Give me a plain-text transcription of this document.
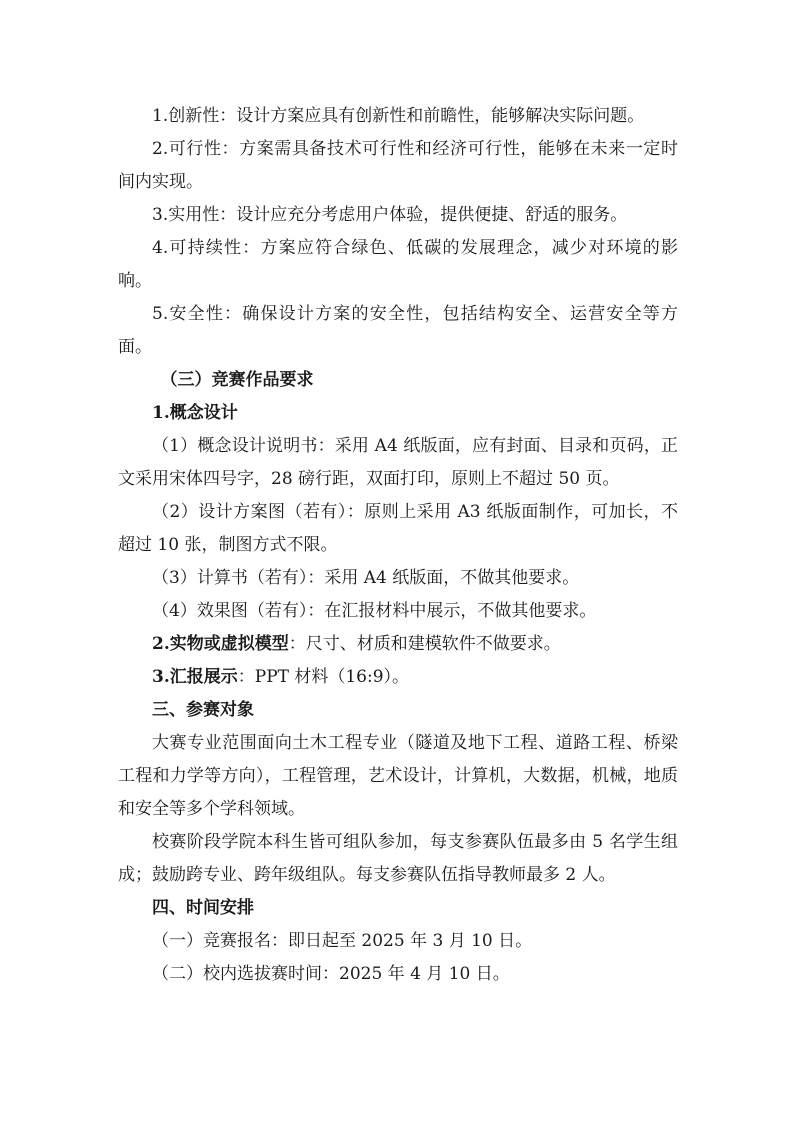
1.创新性：设计方案应具有创新性和前瞻性，能够解决实际问题。

2.可行性：方案需具备技术可行性和经济可行性，能够在未来一定时间内实现。

3.实用性：设计应充分考虑用户体验，提供便捷、舒适的服务。

4.可持续性：方案应符合绿色、低碳的发展理念，减少对环境的影响。

5.安全性：确保设计方案的安全性，包括结构安全、运营安全等方面。

（三）竞赛作品要求

1.概念设计

（1）概念设计说明书：采用 A4 纸版面，应有封面、目录和页码，正文采用宋体四号字，28 磅行距，双面打印，原则上不超过 50 页。

（2）设计方案图（若有）：原则上采用 A3 纸版面制作，可加长，不超过 10 张，制图方式不限。

（3）计算书（若有）：采用 A4 纸版面，不做其他要求。

（4）效果图（若有）：在汇报材料中展示，不做其他要求。

2.实物或虚拟模型：尺寸、材质和建模软件不做要求。

3.汇报展示：PPT 材料（16:9）。

三、参赛对象

大赛专业范围面向土木工程专业（隧道及地下工程、道路工程、桥梁工程和力学等方向），工程管理，艺术设计，计算机，大数据，机械，地质和安全等多个学科领域。

校赛阶段学院本科生皆可组队参加，每支参赛队伍最多由 5 名学生组成；鼓励跨专业、跨年级组队。每支参赛队伍指导教师最多 2 人。

四、时间安排

（一）竞赛报名：即日起至 2025 年 3 月 10 日。

（二）校内选拔赛时间：2025 年 4 月 10 日。
